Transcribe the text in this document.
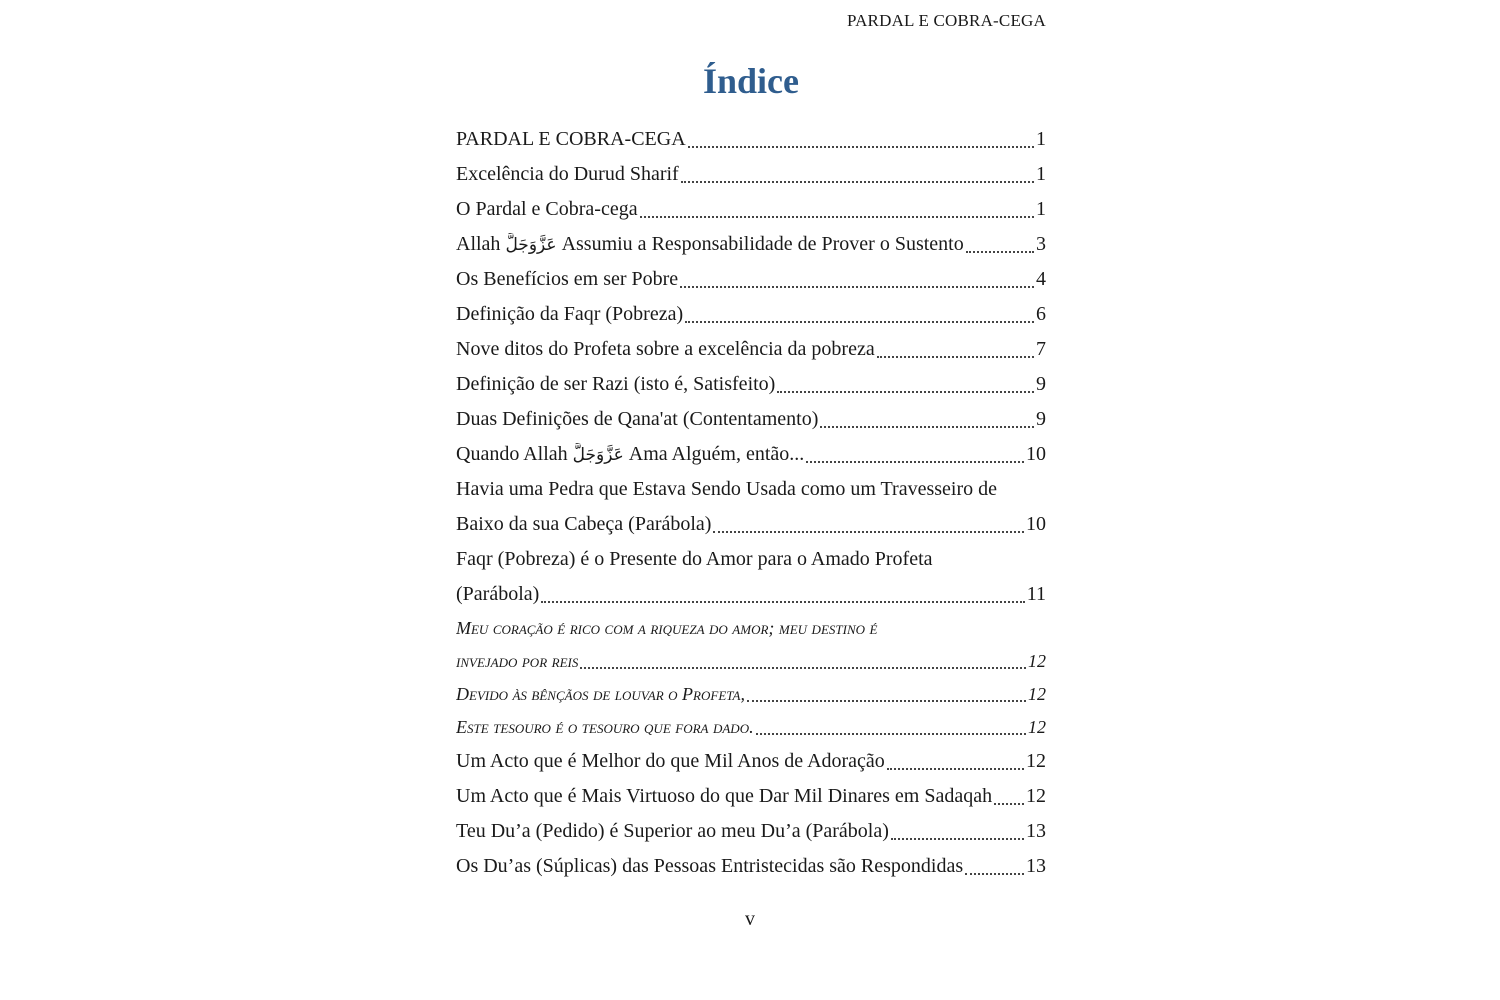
PARDAL E COBRA-CEGA
Índice
PARDAL E COBRA-CEGA	1
Excelência do Durud Sharif	1
O Pardal e Cobra-cega	1
Allah عَزَّوَجَلَّ Assumiu a Responsabilidade de Prover o Sustento	3
Os Benefícios em ser Pobre	4
Definição da Faqr (Pobreza)	6
Nove ditos do Profeta sobre a excelência da pobreza	7
Definição de ser Razi (isto é, Satisfeito)	9
Duas Definições de Qana'at (Contentamento)	9
Quando Allah عَزَّوَجَلَّ Ama Alguém, então...	10
Havia uma Pedra que Estava Sendo Usada como um Travesseiro de
Baixo da sua Cabeça (Parábola)	10
Faqr (Pobreza) é o Presente do Amor para o Amado Profeta
(Parábola)	11
Meu coração é rico com a riqueza do amor; meu destino é
invejado por reis	12
Devido às bênçãos de louvar o Profeta,	12
Este tesouro é o tesouro que fora dado.	12
Um Acto que é Melhor do que Mil Anos de Adoração	12
Um Acto que é Mais Virtuoso do que Dar Mil Dinares em Sadaqah 12
Teu Du’a (Pedido) é Superior ao meu Du’a (Parábola)	13
Os Du’as (Súplicas) das Pessoas Entristecidas são Respondidas	13
v
